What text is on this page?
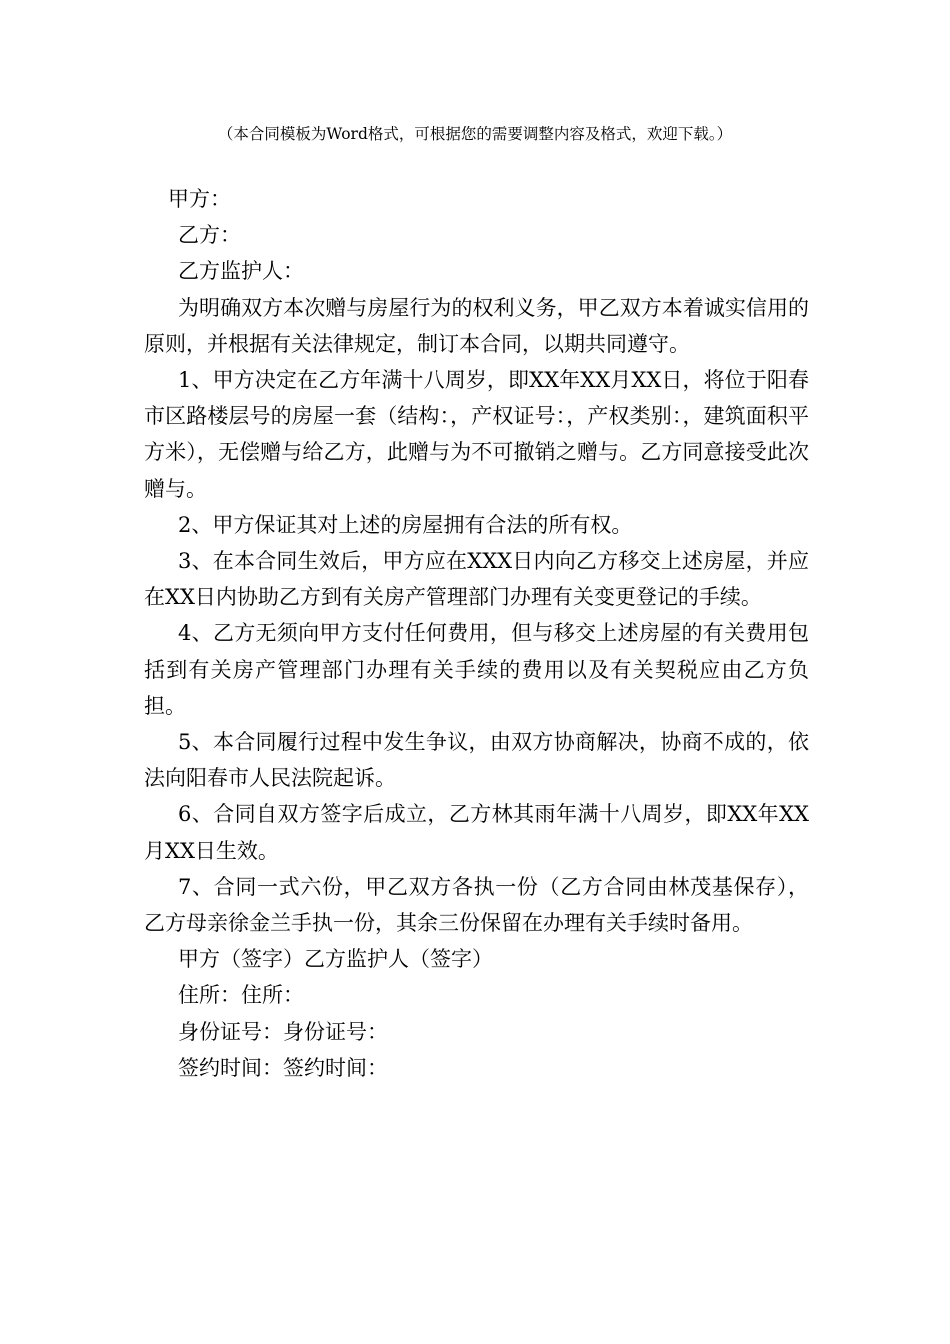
（本合同模板为Word格式，可根据您的需要调整内容及格式，欢迎下载。）

甲方：

乙方：

乙方监护人：

为明确双方本次赠与房屋行为的权利义务，甲乙双方本着诚实信用的原则，并根据有关法律规定，制订本合同，以期共同遵守。

1、甲方决定在乙方年满十八周岁，即XX年XX月XX日，将位于阳春市区路楼层号的房屋一套（结构：，产权证号：，产权类别：，建筑面积平方米），无偿赠与给乙方，此赠与为不可撤销之赠与。乙方同意接受此次赠与。

2、甲方保证其对上述的房屋拥有合法的所有权。

3、在本合同生效后，甲方应在XXX日内向乙方移交上述房屋，并应在XX日内协助乙方到有关房产管理部门办理有关变更登记的手续。

4、乙方无须向甲方支付任何费用，但与移交上述房屋的有关费用包括到有关房产管理部门办理有关手续的费用以及有关契税应由乙方负担。

5、本合同履行过程中发生争议，由双方协商解决，协商不成的，依法向阳春市人民法院起诉。

6、合同自双方签字后成立，乙方林其雨年满十八周岁，即XX年XX月XX日生效。

7、合同一式六份，甲乙双方各执一份（乙方合同由林茂基保存），乙方母亲徐金兰手执一份，其余三份保留在办理有关手续时备用。

甲方（签字）乙方监护人（签字）

住所：住所：

身份证号：身份证号：

签约时间：签约时间：
